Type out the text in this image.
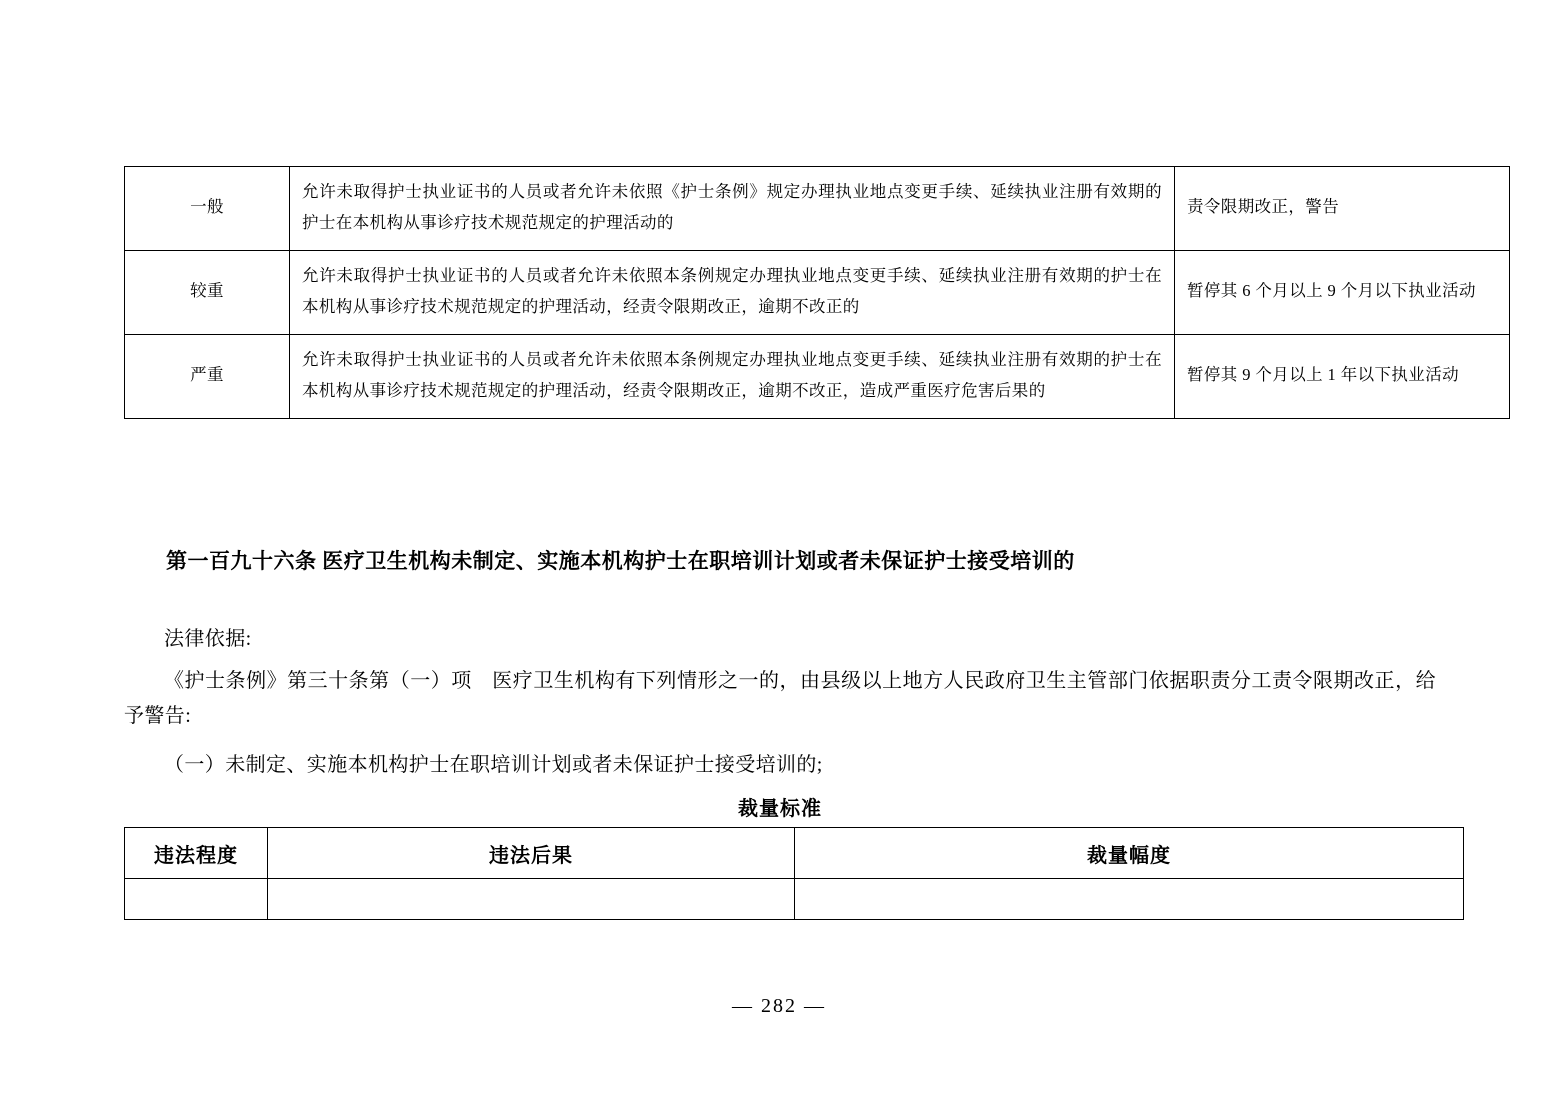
一般	允许未取得护士执业证书的人员或者允许未依照《护士条例》规定办理执业地点变更手续、延续执业注册有效期的护士在本机构从事诊疗技术规范规定的护理活动的	责令限期改正，警告

较重	允许未取得护士执业证书的人员或者允许未依照本条例规定办理执业地点变更手续、延续执业注册有效期的护士在本机构从事诊疗技术规范规定的护理活动，经责令限期改正，逾期不改正的	暂停其 6 个月以上 9 个月以下执业活动

严重	允许未取得护士执业证书的人员或者允许未依照本条例规定办理执业地点变更手续、延续执业注册有效期的护士在本机构从事诊疗技术规范规定的护理活动，经责令限期改正，逾期不改正，造成严重医疗危害后果的	暂停其 9 个月以上 1 年以下执业活动
第一百九十六条 医疗卫生机构未制定、实施本机构护士在职培训计划或者未保证护士接受培训的
法律依据:
《护士条例》第三十条第（一）项　医疗卫生机构有下列情形之一的，由县级以上地方人民政府卫生主管部门依据职责分工责令限期改正，给予警告:
（一）未制定、实施本机构护士在职培训计划或者未保证护士接受培训的;
裁量标准
违法程度	违法后果	裁量幅度

— 282 —
